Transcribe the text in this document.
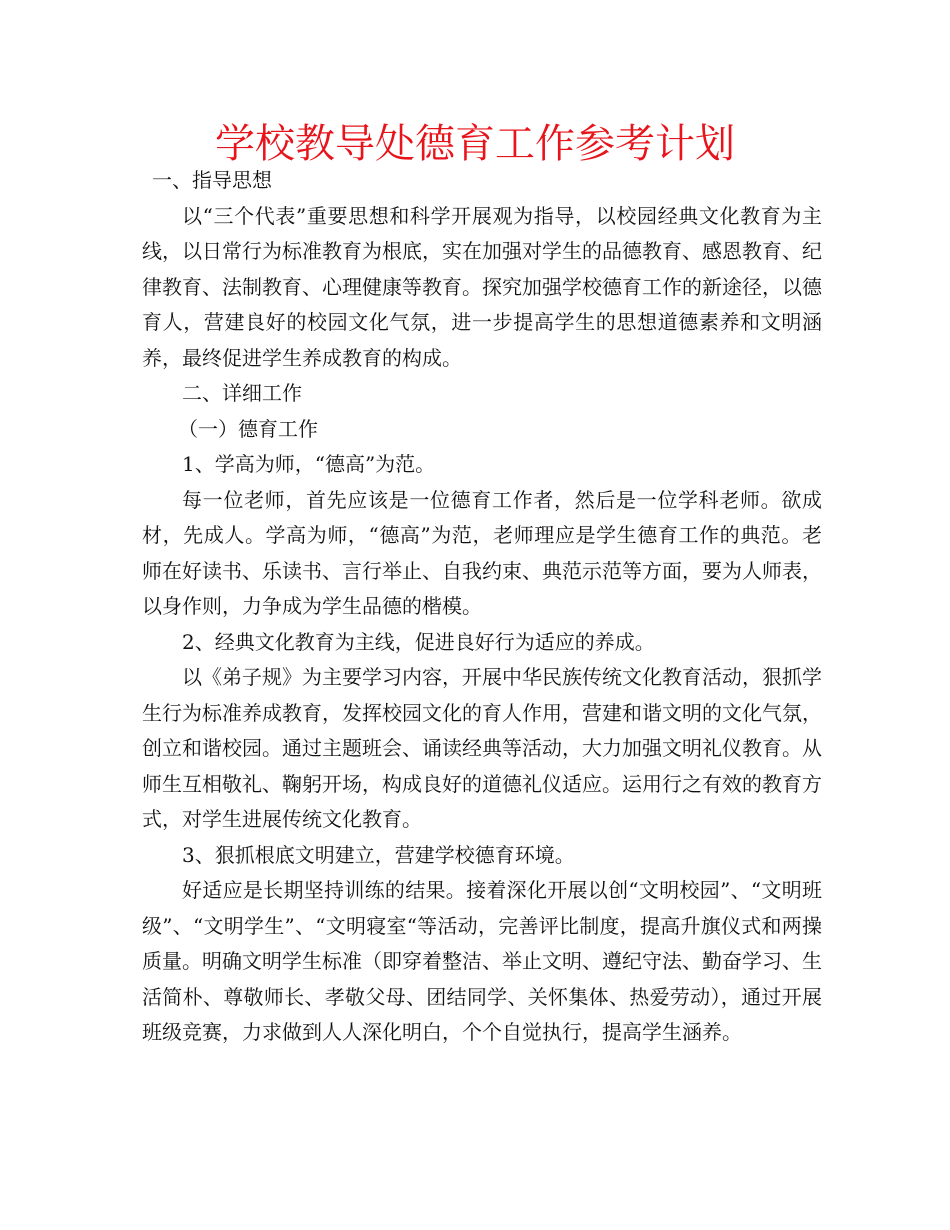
学校教导处德育工作参考计划

一、指导思想

以“三个代表”重要思想和科学开展观为指导，以校园经典文化教育为主线，以日常行为标准教育为根底，实在加强对学生的品德教育、感恩教育、纪律教育、法制教育、心理健康等教育。探究加强学校德育工作的新途径，以德育人，营建良好的校园文化气氛，进一步提高学生的思想道德素养和文明涵养，最终促进学生养成教育的构成。

二、详细工作

（一）德育工作

1、学高为师，“德高”为范。

每一位老师，首先应该是一位德育工作者，然后是一位学科老师。欲成材，先成人。学高为师，“德高”为范，老师理应是学生德育工作的典范。老师在好读书、乐读书、言行举止、自我约束、典范示范等方面，要为人师表，以身作则，力争成为学生品德的楷模。

2、经典文化教育为主线，促进良好行为适应的养成。

以《弟子规》为主要学习内容，开展中华民族传统文化教育活动，狠抓学生行为标准养成教育，发挥校园文化的育人作用，营建和谐文明的文化气氛，创立和谐校园。通过主题班会、诵读经典等活动，大力加强文明礼仪教育。从师生互相敬礼、鞠躬开场，构成良好的道德礼仪适应。运用行之有效的教育方式，对学生进展传统文化教育。

3、狠抓根底文明建立，营建学校德育环境。

好适应是长期坚持训练的结果。接着深化开展以创“文明校园”、“文明班级”、“文明学生”、“文明寝室“等活动，完善评比制度，提高升旗仪式和两操质量。明确文明学生标准（即穿着整洁、举止文明、遵纪守法、勤奋学习、生活简朴、尊敬师长、孝敬父母、团结同学、关怀集体、热爱劳动），通过开展班级竞赛，力求做到人人深化明白，个个自觉执行，提高学生涵养。
